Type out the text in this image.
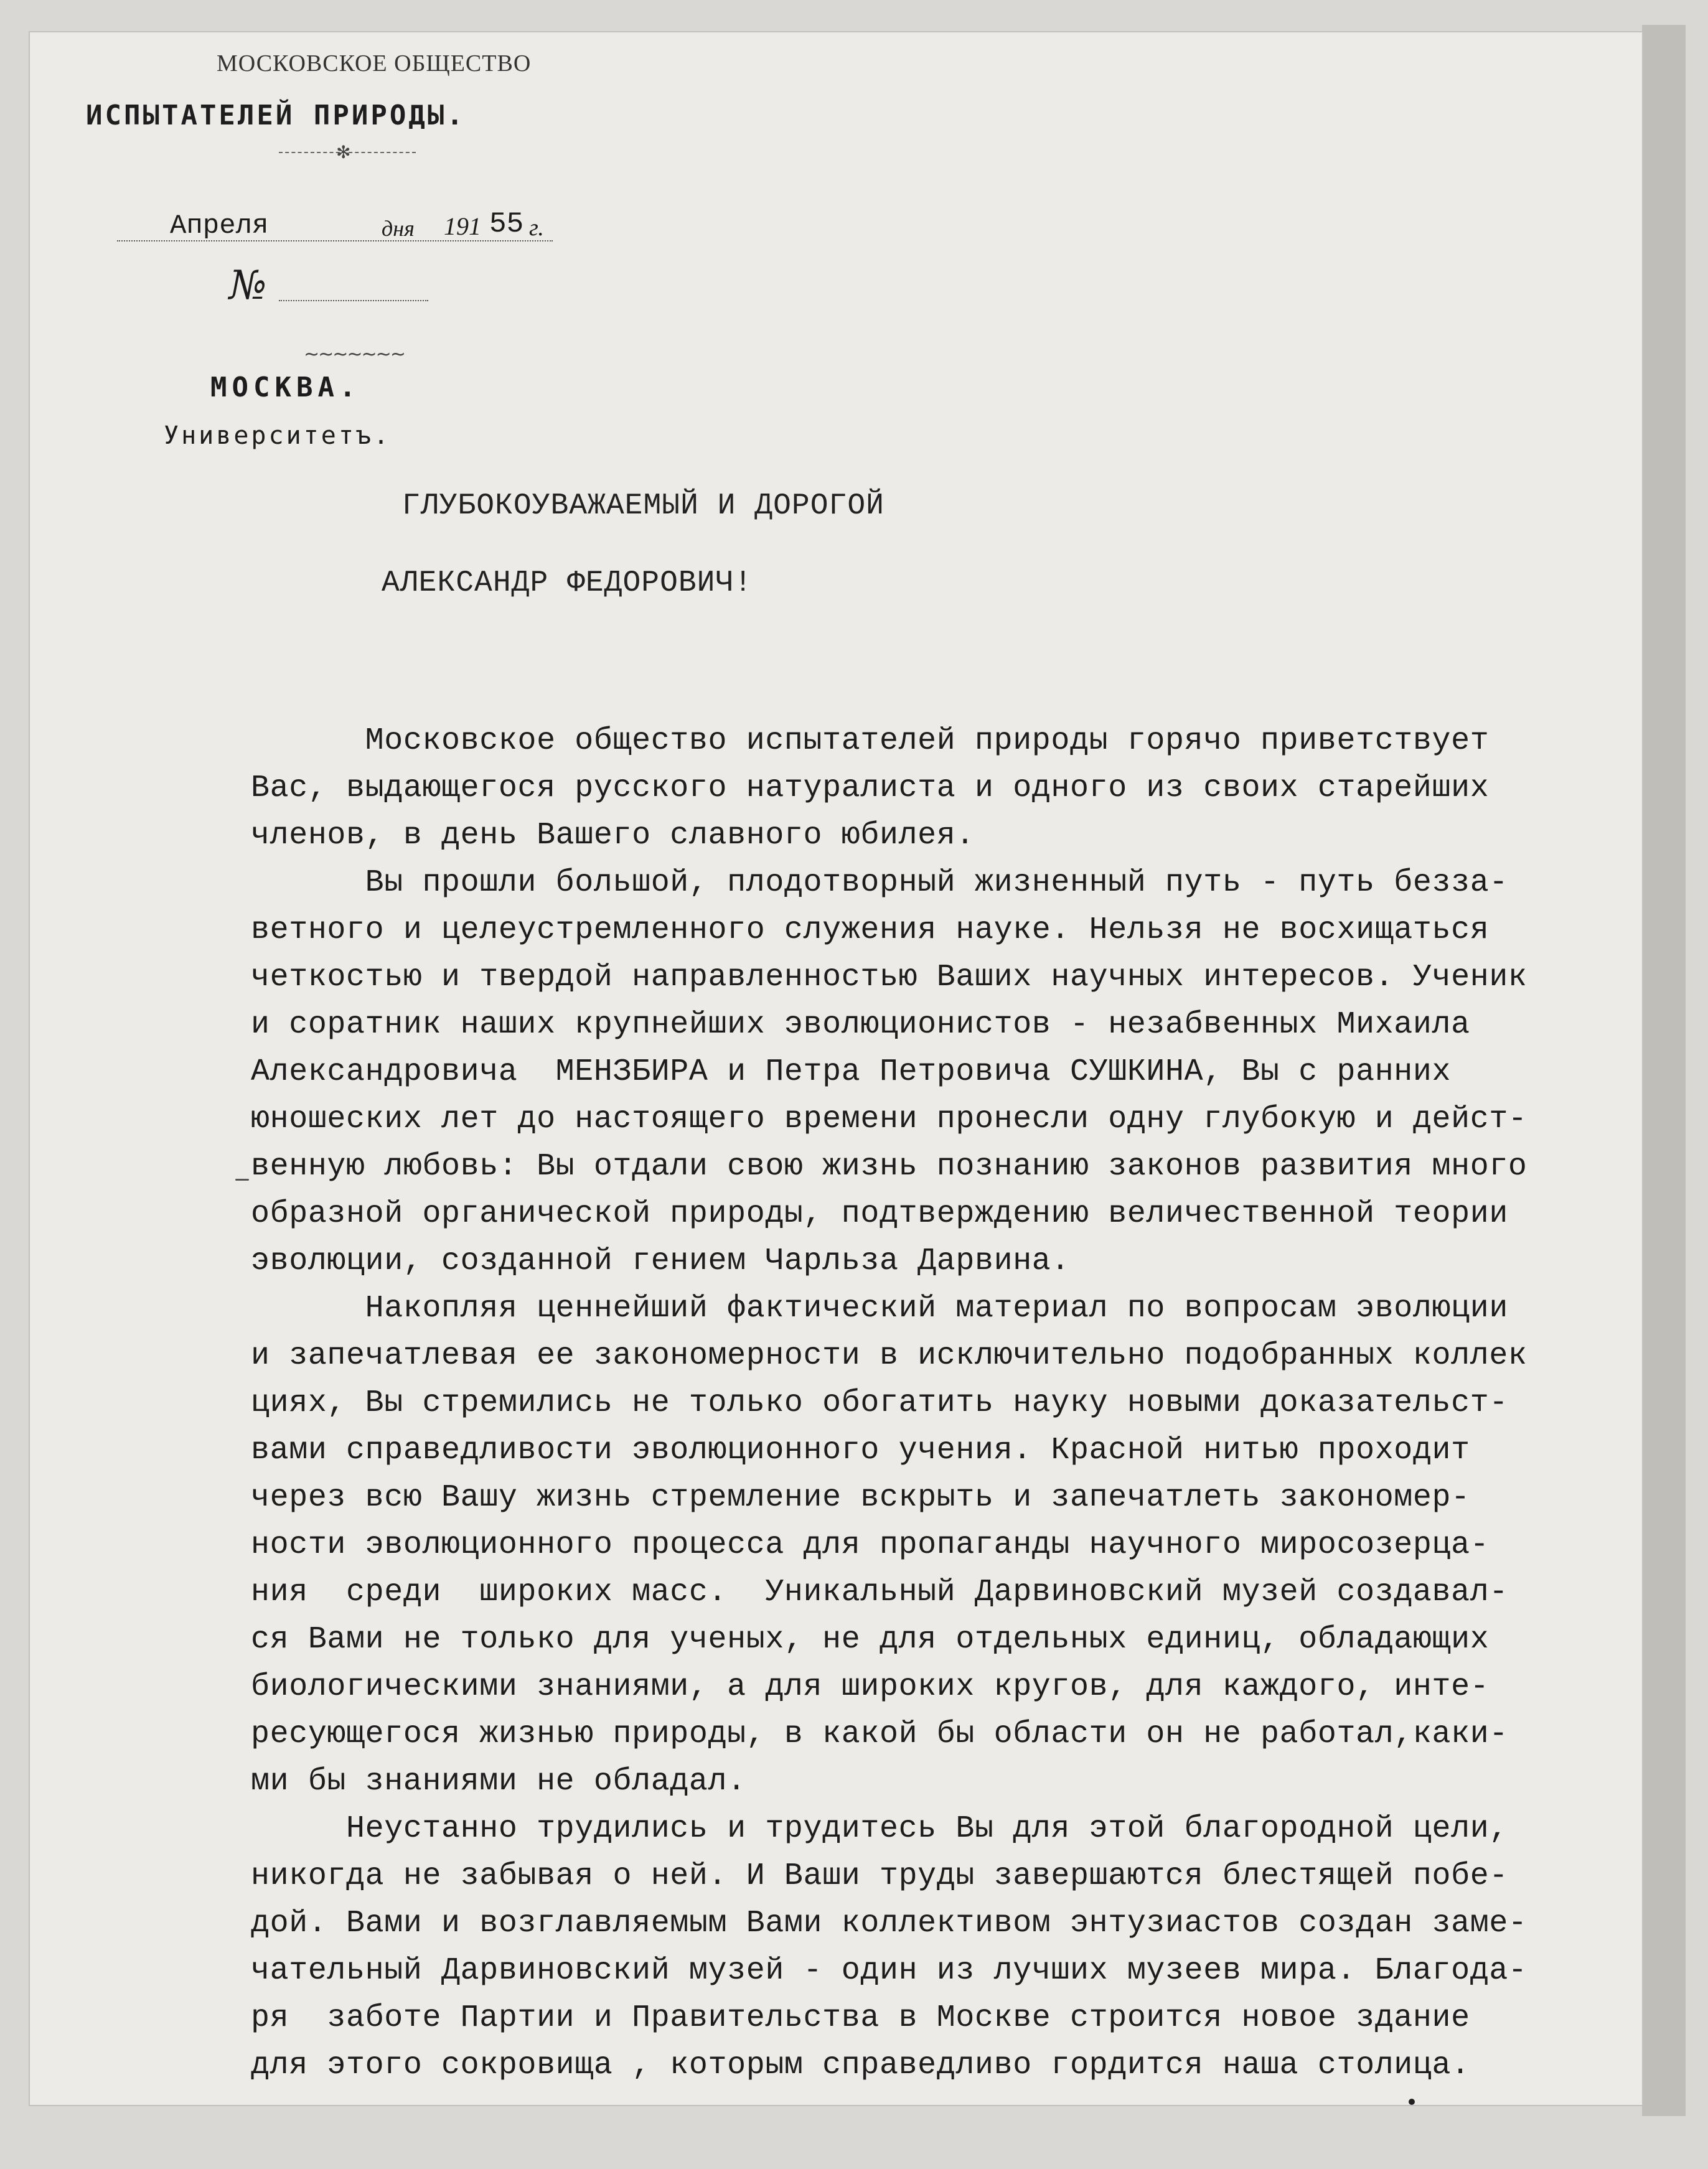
МОСКОВСКОЕ ОБЩЕСТВО
ИСПЫТАТЕЛЕЙ ПРИРОДЫ.
✻
Апреля	дня 191 55 г.
№
~~~~~~~
МОСКВА.
Университетъ.
ГЛУБОКОУВАЖАЕМЫЙ И ДОРОГОЙ
АЛЕКСАНДР ФЕДОРОВИЧ!
Московское общество испытателей природы горячо приветствует
Вас, выдающегося русского натуралиста и одного из своих старейших
членов, в день Вашего славного юбилея.
Вы прошли большой, плодотворный жизненный путь - путь безза-
ветного и целеустремленного служения науке. Нельзя не восхищаться
четкостью и твердой направленностью Ваших научных интересов. Ученик
и соратник наших крупнейших эволюционистов - незабвенных Михаила
Александровича  МЕНЗБИРА и Петра Петровича СУШКИНА, Вы с ранних
юношеских лет до настоящего времени пронесли одну глубокую и дейст-
венную любовь: Вы отдали свою жизнь познанию законов развития много
образной органической природы, подтверждению величественной теории
эволюции, созданной гением Чарльза Дарвина.
Накопляя ценнейший фактический материал по вопросам эволюции
и запечатлевая ее закономерности в исключительно подобранных коллек
циях, Вы стремились не только обогатить науку новыми доказательст-
вами справедливости эволюционного учения. Красной нитью проходит
через всю Вашу жизнь стремление вскрыть и запечатлеть закономер-
ности эволюционного процесса для пропаганды научного миросозерца-
ния  среди  широких масс.  Уникальный Дарвиновский музей создавал-
ся Вами не только для ученых, не для отдельных единиц, обладающих
биологическими знаниями, а для широких кругов, для каждого, инте-
ресующегося жизнью природы, в какой бы области он не работал,каки-
ми бы знаниями не обладал.
Неустанно трудились и трудитесь Вы для этой благородной цели,
никогда не забывая о ней. И Ваши труды завершаются блестящей побе-
дой. Вами и возглавляемым Вами коллективом энтузиастов создан заме-
чательный Дарвиновский музей - один из лучших музеев мира. Благода-
ря  заботе Партии и Правительства в Москве строится новое здание
для этого сокровища , которым справедливо гордится наша столица.
